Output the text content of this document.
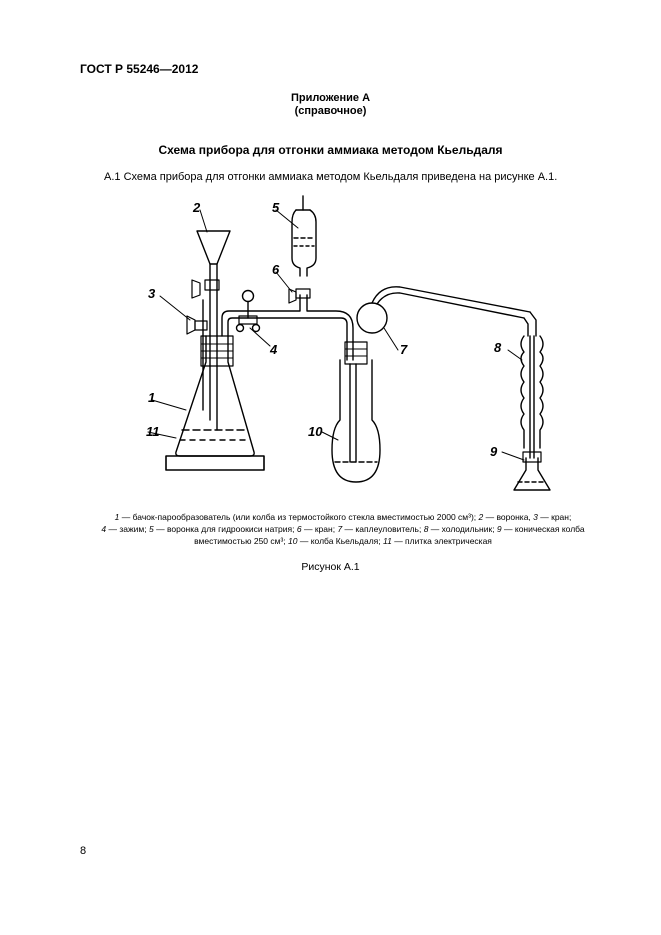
ГОСТ Р 55246—2012
Приложение А
(справочное)
Схема прибора для отгонки аммиака методом Кьельдаля
А.1 Схема прибора для отгонки аммиака методом Кьельдаля приведена на рисунке А.1.
1
2
3
4
5
6
7	8
9
10
11
1 — бачок-парообразователь (или колба из термостойкого стекла вместимостью 2000 см³); 2 — воронка, 3 — кран;
4 — зажим; 5 — воронка для гидроокиси натрия; 6 — кран; 7 — каплеуловитель; 8 — холодильник; 9 — коническая колба
вместимостью 250 см³; 10 — колба Кьельдаля; 11 — плитка электрическая
Рисунок А.1
8
